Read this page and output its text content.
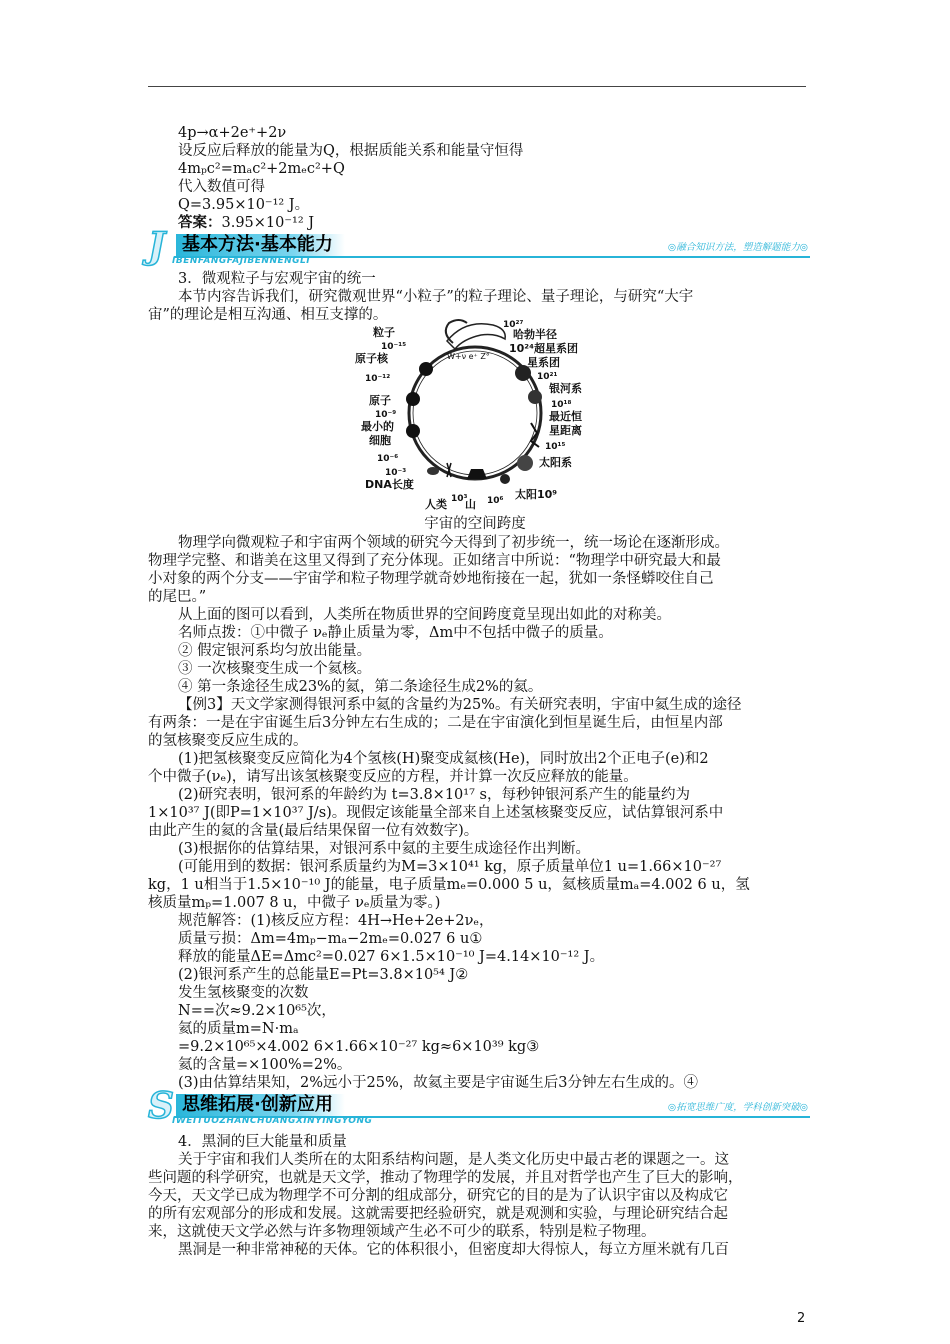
4p→α+2e⁺+2ν
设反应后释放的能量为Q，根据质能关系和能量守恒得
4mₚc²=mₐc²+2mₑc²+Q
代入数值可得
Q=3.95×10⁻¹² J。
答案：3.95×10⁻¹² J
J 基本方法·基本能力
IBENFANGFAJIBENNENGLI
◎融合知识方法，塑造解题能力◎
3．微观粒子与宏观宇宙的统一
本节内容告诉我们，研究微观世界“小粒子”的粒子理论、量子理论，与研究“大宇
宙”的理论是相互沟通、相互支撑的。
粒子
10⁻¹⁵
原子核
10⁻¹²
原子
10⁻⁹
最小的
细胞
10⁻⁶
10⁻³
DNA长度
10²⁷
哈勃半径
10²⁴超星系团
星系团
10²¹
银河系
10¹⁸
最近恒
星距离
10¹⁵
太阳系
太阳10⁹
人类 10³
山 10⁶
W+ν e⁺ Z°
宇宙的空间跨度
物理学向微观粒子和宇宙两个领域的研究今天得到了初步统一，统一场论在逐渐形成。
物理学完整、和谐美在这里又得到了充分体现。正如绪言中所说：“物理学中研究最大和最
小对象的两个分支——宇宙学和粒子物理学就奇妙地衔接在一起，犹如一条怪蟒咬住自己
的尾巴。”
从上面的图可以看到，人类所在物质世界的空间跨度竟呈现出如此的对称美。
名师点拨：①中微子 νₑ静止质量为零，Δm中不包括中微子的质量。
② 假定银河系均匀放出能量。
③ 一次核聚变生成一个氦核。
④ 第一条途径生成23%的氦，第二条途径生成2%的氦。
【例3】天文学家测得银河系中氦的含量约为25%。有关研究表明，宇宙中氦生成的途径
有两条：一是在宇宙诞生后3分钟左右生成的；二是在宇宙演化到恒星诞生后，由恒星内部
的氢核聚变反应生成的。
(1)把氢核聚变反应简化为4个氢核(H)聚变成氦核(He)，同时放出2个正电子(e)和2
个中微子(νₑ)，请写出该氢核聚变反应的方程，并计算一次反应释放的能量。
(2)研究表明，银河系的年龄约为 t=3.8×10¹⁷ s，每秒钟银河系产生的能量约为
1×10³⁷ J(即P=1×10³⁷ J/s)。现假定该能量全部来自上述氢核聚变反应，试估算银河系中
由此产生的氦的含量(最后结果保留一位有效数字)。
(3)根据你的估算结果，对银河系中氦的主要生成途径作出判断。
(可能用到的数据：银河系质量约为M=3×10⁴¹ kg，原子质量单位1 u=1.66×10⁻²⁷
kg，1 u相当于1.5×10⁻¹⁰ J的能量，电子质量mₑ=0.000 5 u，氦核质量mₐ=4.002 6 u，氢
核质量mₚ=1.007 8 u，中微子 νₑ质量为零。)
规范解答：(1)核反应方程：4H→He+2e+2νₑ，
质量亏损：Δm=4mₚ−mₐ−2mₑ=0.027 6 u①
释放的能量ΔE=Δmc²=0.027 6×1.5×10⁻¹⁰ J=4.14×10⁻¹² J。
(2)银河系产生的总能量E=Pt=3.8×10⁵⁴ J②
发生氢核聚变的次数
N==次≈9.2×10⁶⁵次，
氦的质量m=N·mₐ
=9.2×10⁶⁵×4.002 6×1.66×10⁻²⁷ kg≈6×10³⁹ kg③
氦的含量=×100%=2%。
(3)由估算结果知，2%远小于25%，故氦主要是宇宙诞生后3分钟左右生成的。④
S 思维拓展·创新应用
IWEITUOZHANCHUANGXINYINGYONG
◎拓宽思维广度，学科创新突破◎
4．黑洞的巨大能量和质量
关于宇宙和我们人类所在的太阳系结构问题，是人类文化历史中最古老的课题之一。这
些问题的科学研究，也就是天文学，推动了物理学的发展，并且对哲学也产生了巨大的影响，
今天，天文学已成为物理学不可分割的组成部分，研究它的目的是为了认识宇宙以及构成它
的所有宏观部分的形成和发展。这就需要把经验研究，就是观测和实验，与理论研究结合起
来，这就使天文学必然与许多物理领域产生必不可少的联系，特别是粒子物理。
黑洞是一种非常神秘的天体。它的体积很小，但密度却大得惊人，每立方厘米就有几百
2
